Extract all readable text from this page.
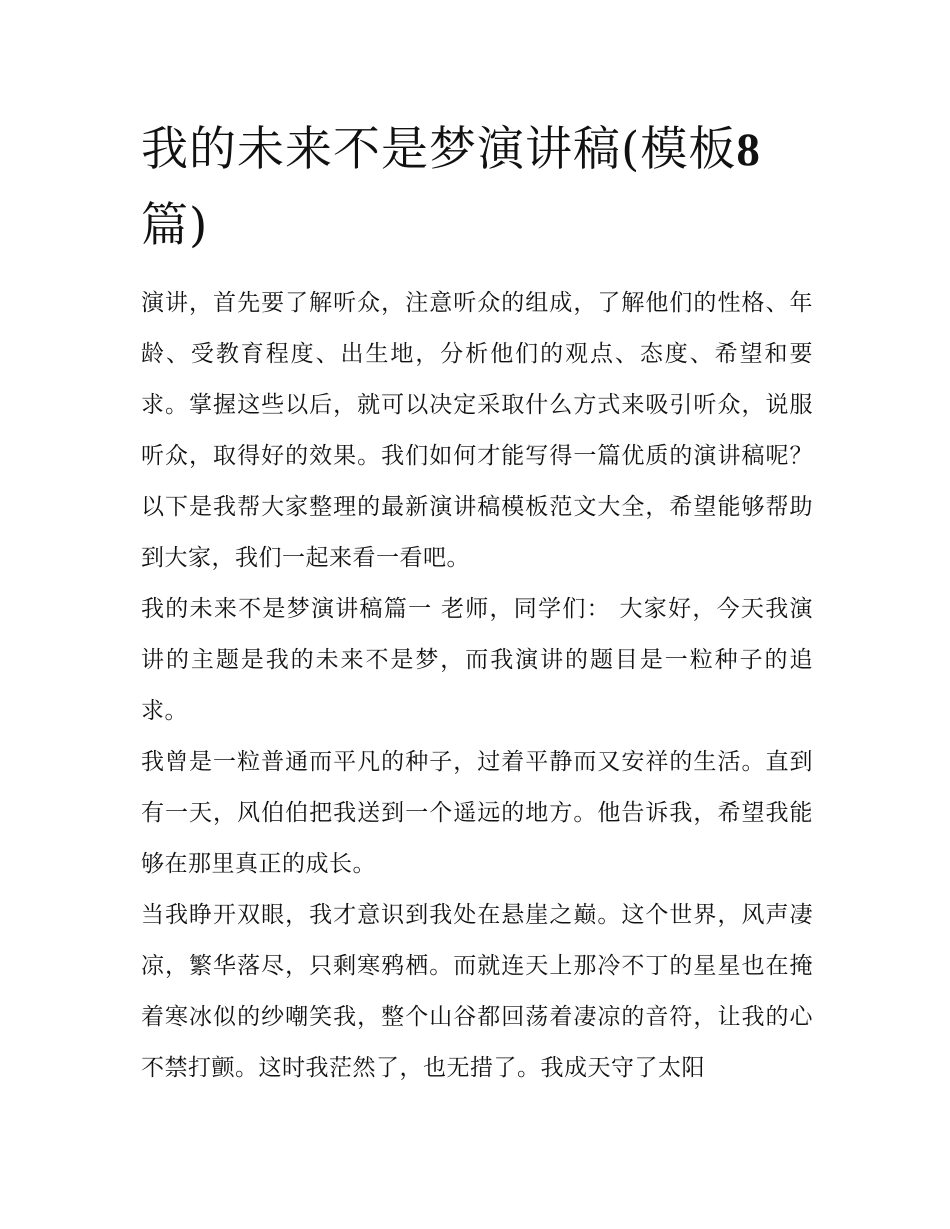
我的未来不是梦演讲稿(模板8篇)

演讲，首先要了解听众，注意听众的组成，了解他们的性格、年龄、受教育程度、出生地，分析他们的观点、态度、希望和要求。掌握这些以后，就可以决定采取什么方式来吸引听众，说服听众，取得好的效果。我们如何才能写得一篇优质的演讲稿呢？以下是我帮大家整理的最新演讲稿模板范文大全，希望能够帮助到大家，我们一起来看一看吧。

我的未来不是梦演讲稿篇一 老师，同学们： 大家好，今天我演讲的主题是我的未来不是梦，而我演讲的题目是一粒种子的追求。

我曾是一粒普通而平凡的种子，过着平静而又安祥的生活。直到有一天，风伯伯把我送到一个遥远的地方。他告诉我，希望我能够在那里真正的成长。

当我睁开双眼，我才意识到我处在悬崖之巅。这个世界，风声凄凉，繁华落尽，只剩寒鸦栖。而就连天上那冷不丁的星星也在掩着寒冰似的纱嘲笑我，整个山谷都回荡着凄凉的音符，让我的心不禁打颤。这时我茫然了，也无措了。我成天守了太阳
